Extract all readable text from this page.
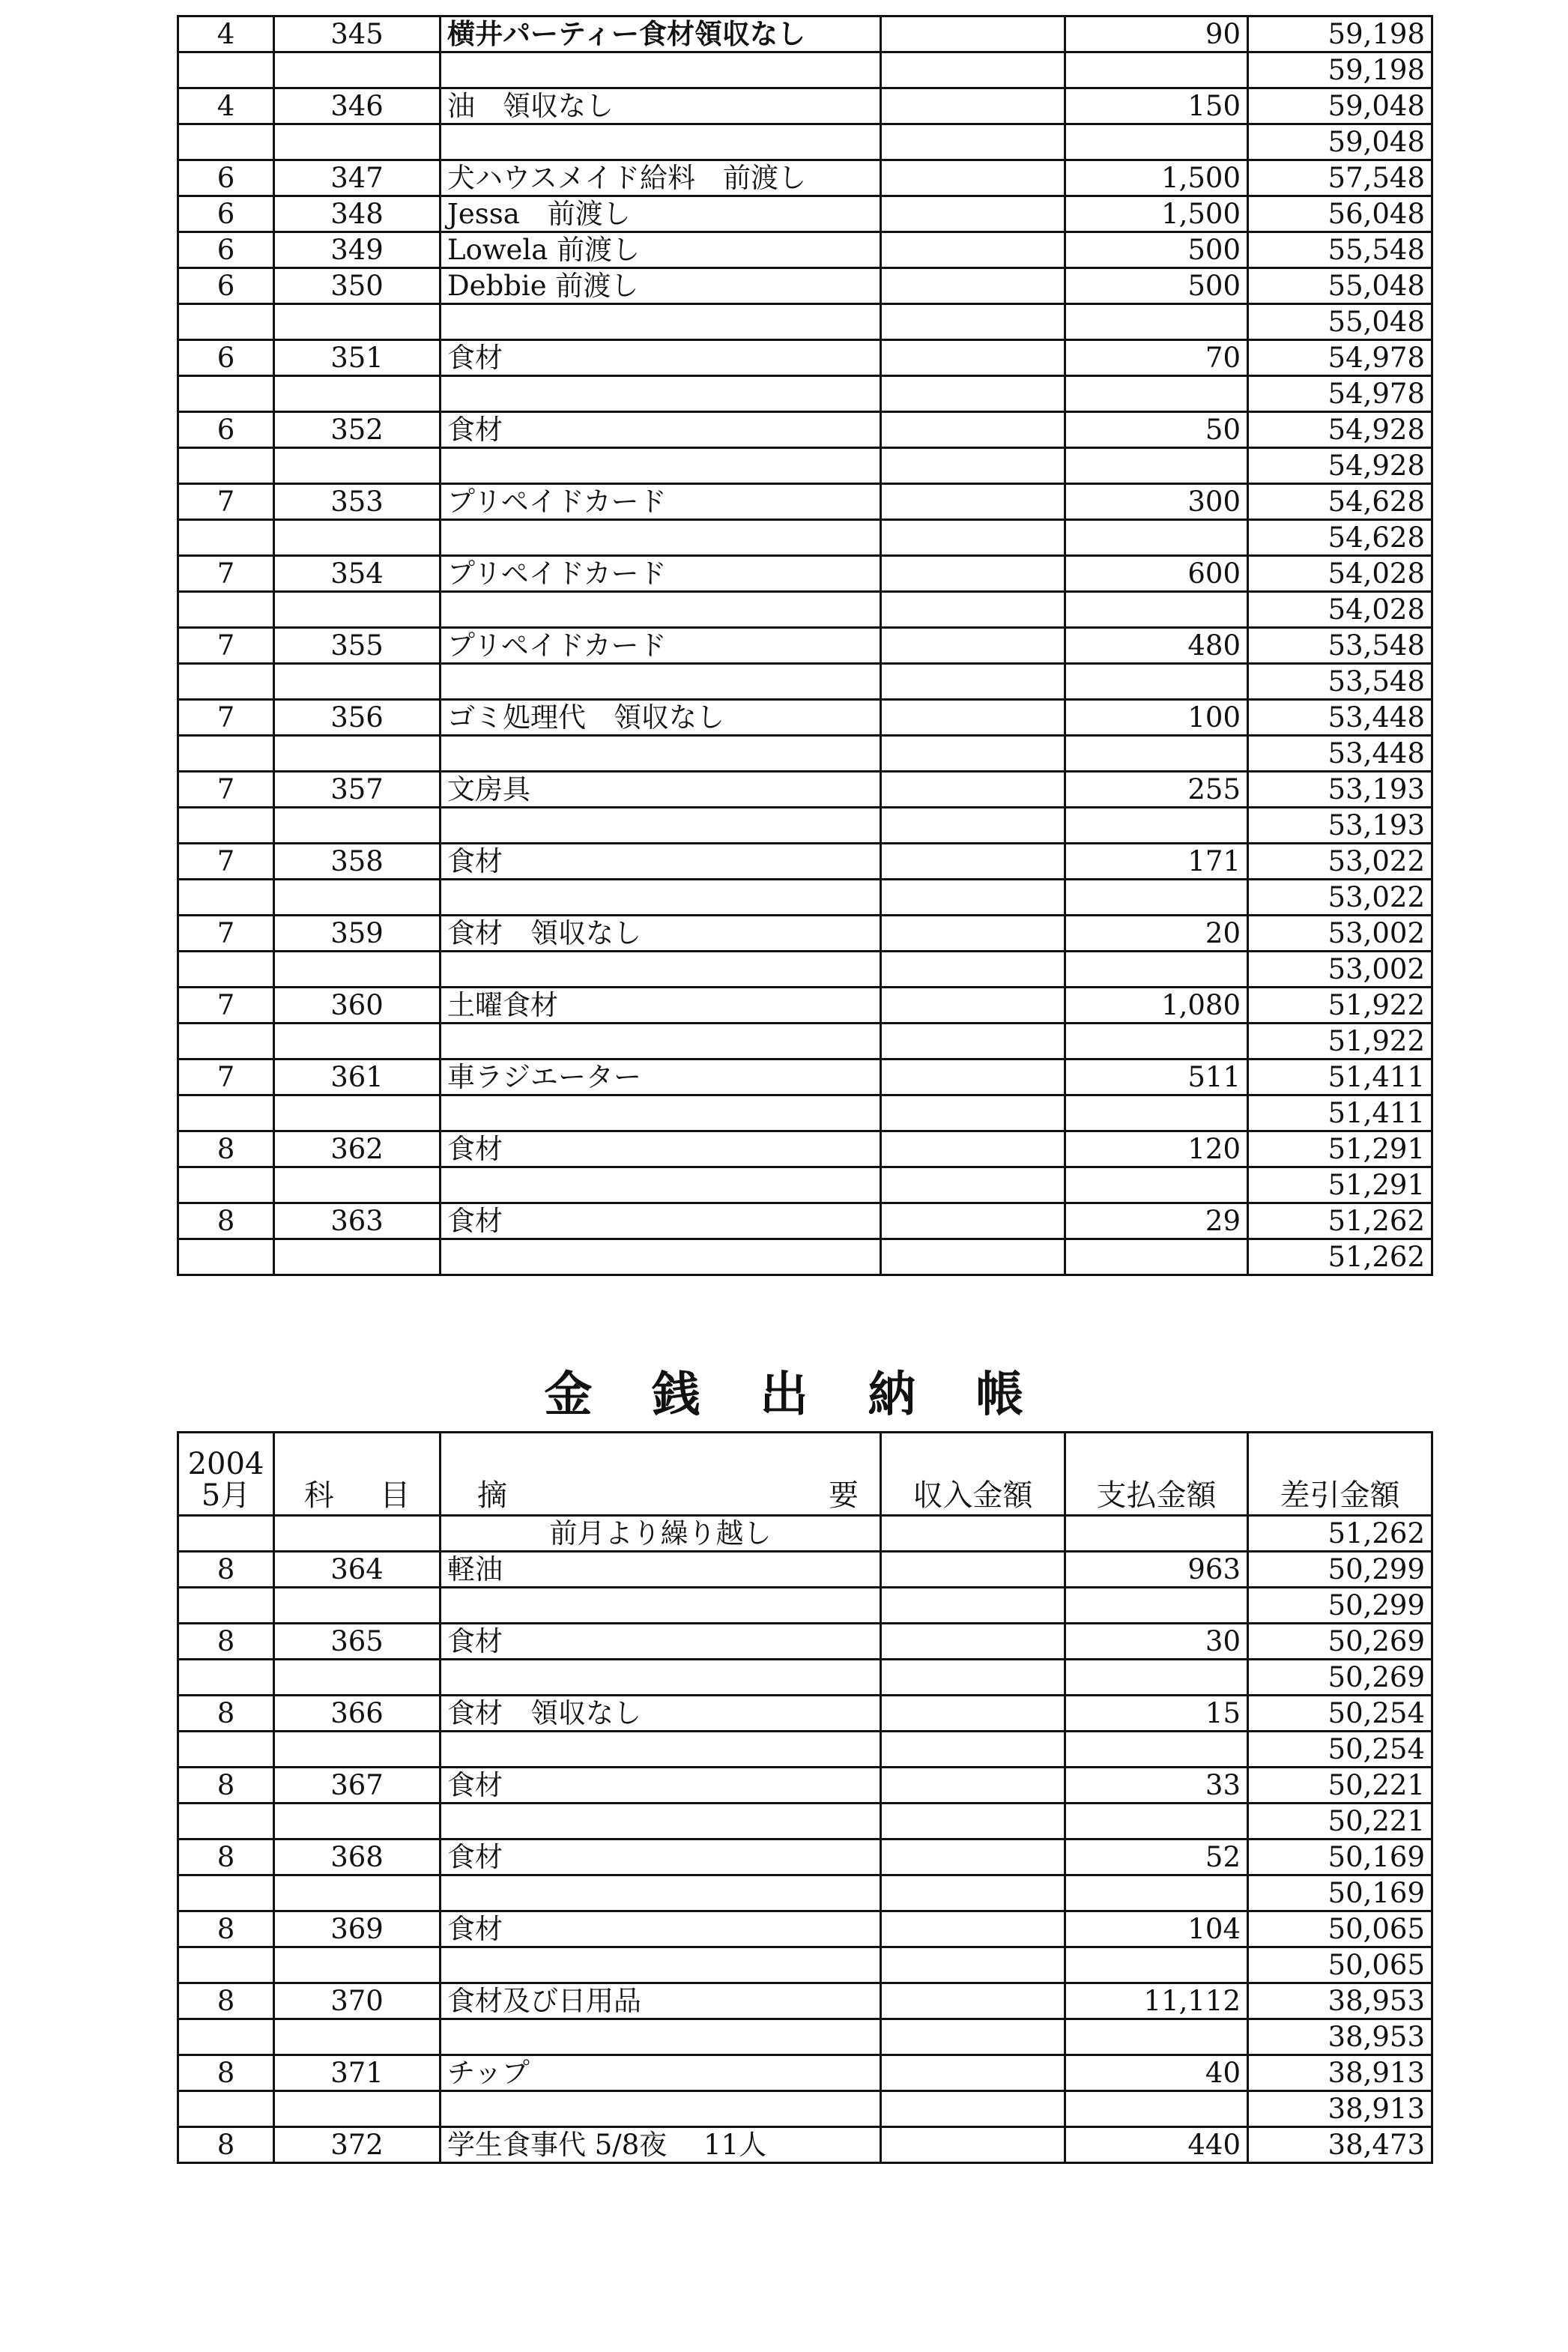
4	345	横井パーティー食材領収なし		90	59,198
					59,198
4	346	油　領収なし		150	59,048
					59,048
6	347	犬ハウスメイド給料　前渡し		1,500	57,548
6	348	Jessa　前渡し		1,500	56,048
6	349	Lowela 前渡し		500	55,548
6	350	Debbie 前渡し		500	55,048
					55,048
6	351	食材		70	54,978
					54,978
6	352	食材		50	54,928
					54,928
7	353	プリペイドカード		300	54,628
					54,628
7	354	プリペイドカード		600	54,028
					54,028
7	355	プリペイドカード		480	53,548
					53,548
7	356	ゴミ処理代　領収なし		100	53,448
					53,448
7	357	文房具		255	53,193
					53,193
7	358	食材		171	53,022
					53,022
7	359	食材　領収なし		20	53,002
					53,002
7	360	土曜食材		1,080	51,922
					51,922
7	361	車ラジエーター		511	51,411
					51,411
8	362	食材		120	51,291
					51,291
8	363	食材		29	51,262
					51,262
金銭出納帳
2004
5月	科 目	摘 要	収入金額	支払金額	差引金額
		前月より繰り越し			51,262
8	364	軽油		963	50,299
					50,299
8	365	食材		30	50,269
					50,269
8	366	食材　領収なし		15	50,254
					50,254
8	367	食材		33	50,221
					50,221
8	368	食材		52	50,169
					50,169
8	369	食材		104	50,065
					50,065
8	370	食材及び日用品		11,112	38,953
					38,953
8	371	チップ		40	38,913
					38,913
8	372	学生食事代 5/8夜　 11人		440	38,473
